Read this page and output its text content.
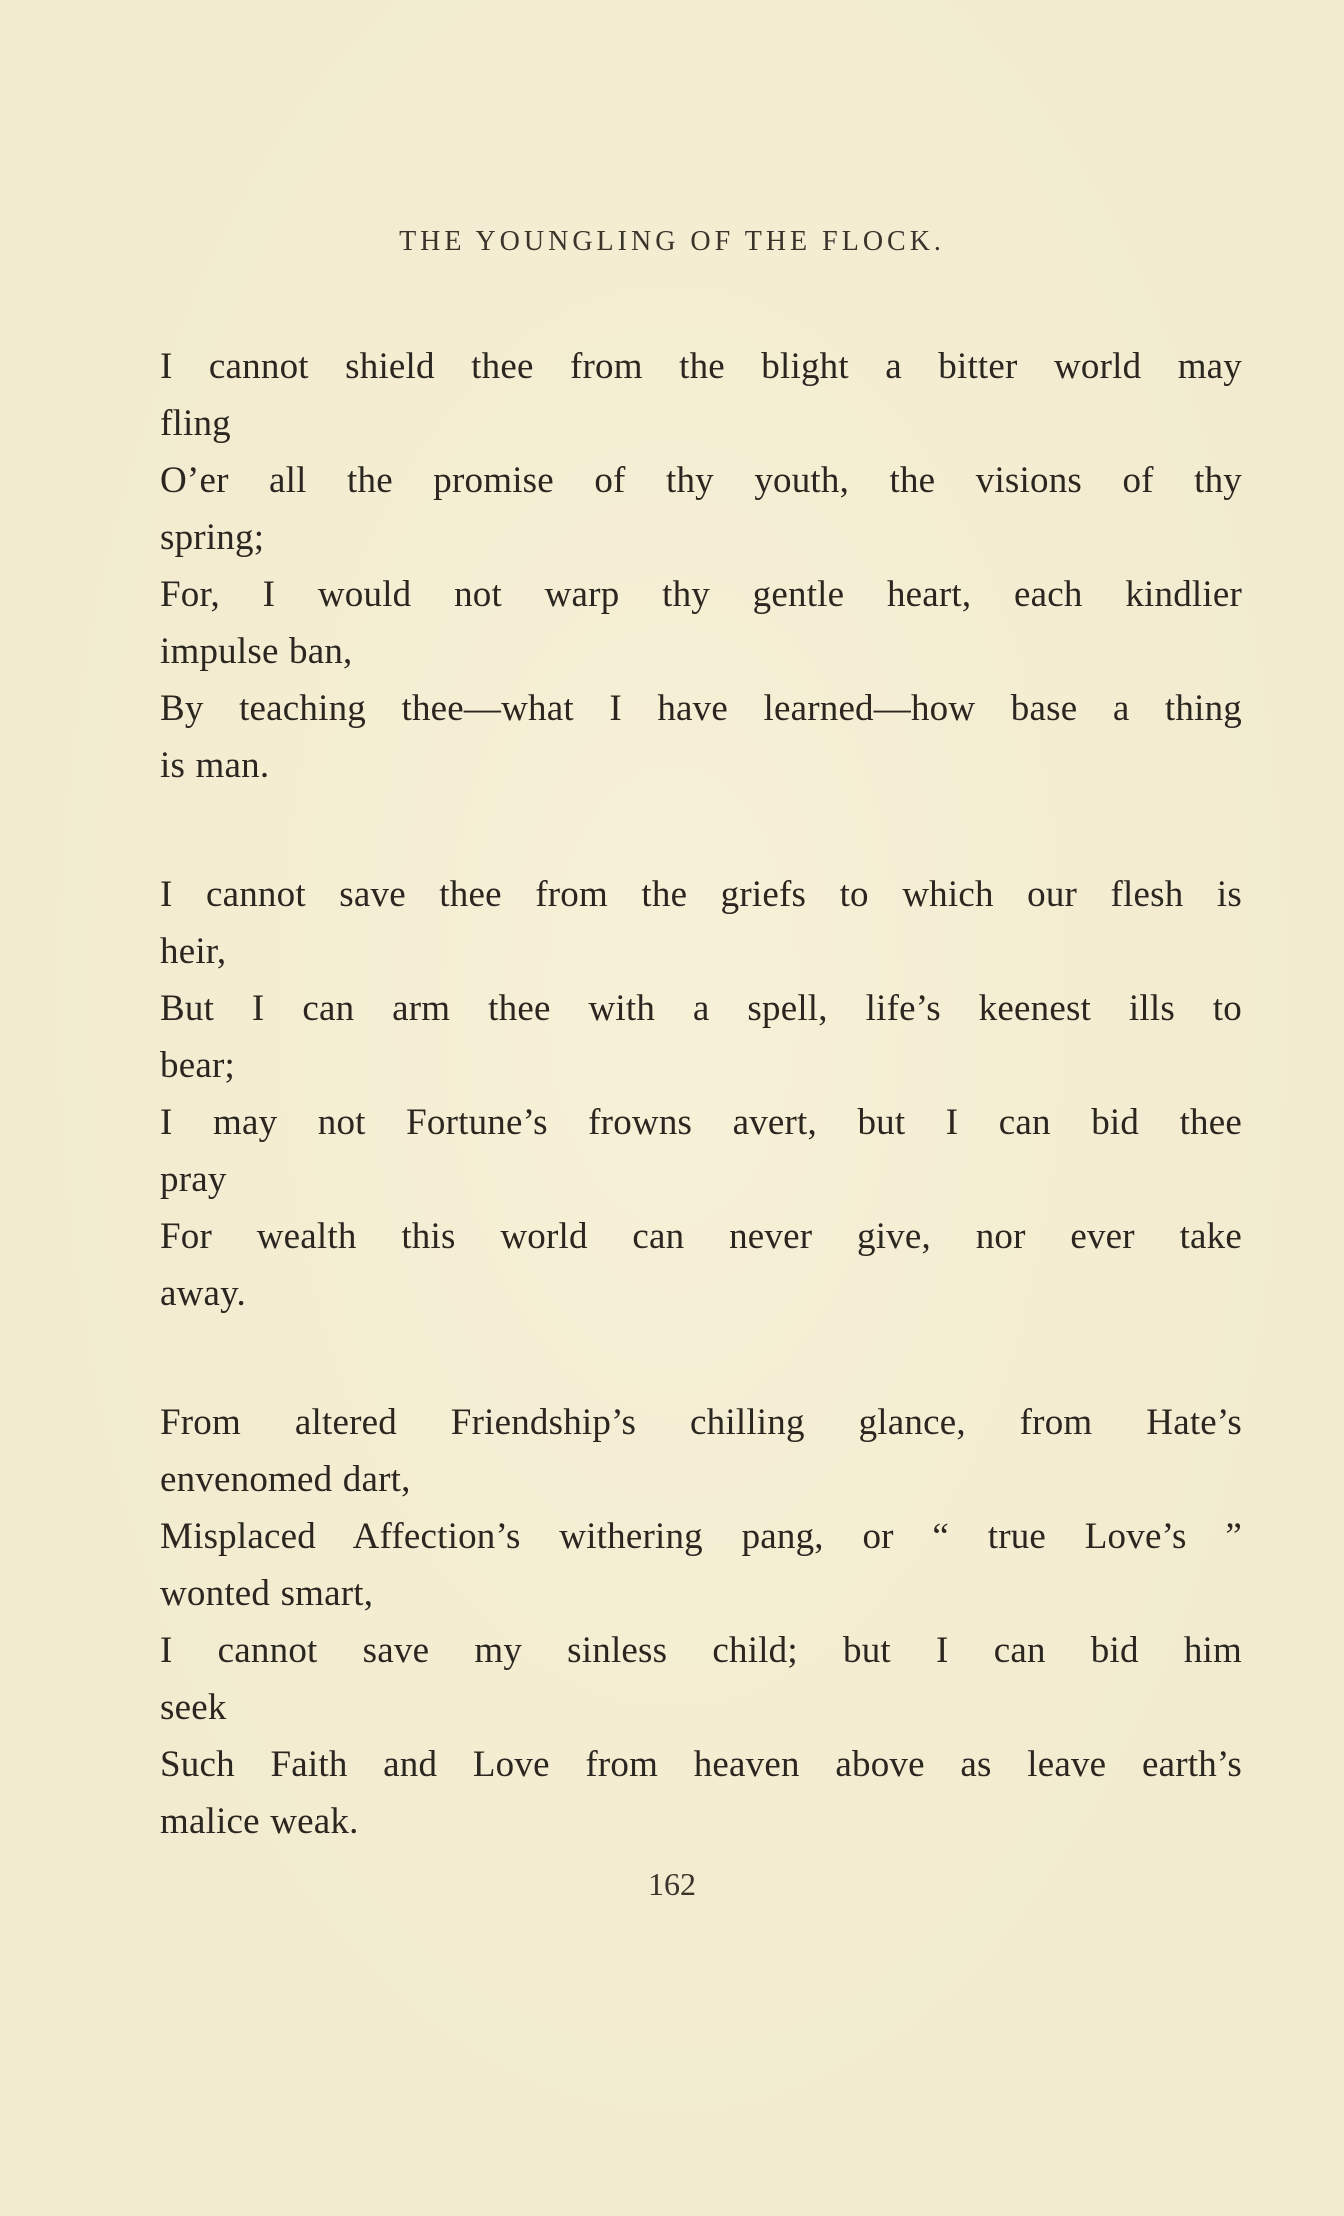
THE YOUNGLING OF THE FLOCK.
I cannot shield thee from the blight a bitter world may
fling
O’er all the promise of thy youth, the visions of thy
spring;
For, I would not warp thy gentle heart, each kindlier
impulse ban,
By teaching thee—what I have learned—how base a thing
is man.
I cannot save thee from the griefs to which our flesh is
heir,
But I can arm thee with a spell, life’s keenest ills to
bear;
I may not Fortune’s frowns avert, but I can bid thee
pray
For wealth this world can never give, nor ever take
away.
From altered Friendship’s chilling glance, from Hate’s
envenomed dart,
Misplaced Affection’s withering pang, or “ true Love’s ”
wonted smart,
I cannot save my sinless child; but I can bid him
seek
Such Faith and Love from heaven above as leave earth’s
malice weak.
162
